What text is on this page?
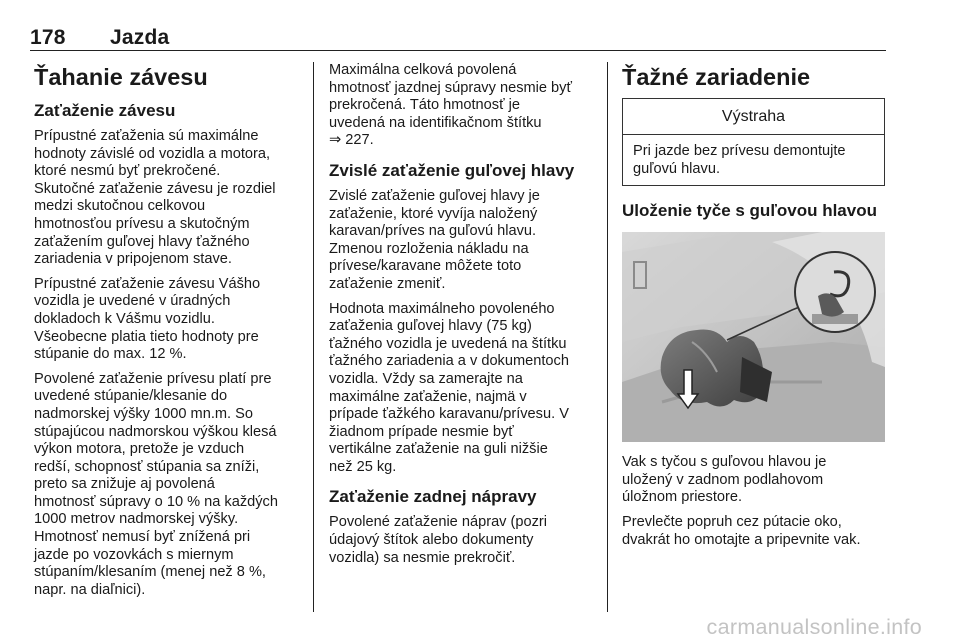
178 Jazda
Ťahanie závesu
Zaťaženie závesu

Prípustné zaťaženia sú maximálne
hodnoty závislé od vozidla a motora,
ktoré nesmú byť prekročené.
Skutočné zaťaženie závesu je rozdiel
medzi skutočnou celkovou
hmotnosťou prívesu a skutočným
zaťažením guľovej hlavy ťažného
zariadenia v pripojenom stave.

Prípustné zaťaženie závesu Vášho
vozidla je uvedené v úradných
dokladoch k Vášmu vozidlu.
Všeobecne platia tieto hodnoty pre
stúpanie do max. 12 %.

Povolené zaťaženie prívesu platí pre
uvedené stúpanie/klesanie do
nadmorskej výšky 1000 mn.m. So
stúpajúcou nadmorskou výškou klesá
výkon motora, pretože je vzduch
redší, schopnosť stúpania sa zníži,
preto sa znižuje aj povolená
hmotnosť súpravy o 10 % na každých
1000 metrov nadmorskej výšky.
Hmotnosť nemusí byť znížená pri
jazde po vozovkách s miernym
stúpaním/klesaním (menej než 8 %,
napr. na diaľnici).

Maximálna celková povolená
hmotnosť jazdnej súpravy nesmie byť
prekročená. Táto hmotnosť je
uvedená na identifikačnom štítku
⇒ 227.

Zvislé zaťaženie guľovej hlavy

Zvislé zaťaženie guľovej hlavy je
zaťaženie, ktoré vyvíja naložený
karavan/príves na guľovú hlavu.
Zmenou rozloženia nákladu na
prívese/karavane môžete toto
zaťaženie zmeniť.

Hodnota maximálneho povoleného
zaťaženia guľovej hlavy (75 kg)
ťažného vozidla je uvedená na štítku
ťažného zariadenia a v dokumentoch
vozidla. Vždy sa zamerajte na
maximálne zaťaženie, najmä v
prípade ťažkého karavanu/prívesu. V
žiadnom prípade nesmie byť
vertikálne zaťaženie na guli nižšie
než 25 kg.

Zaťaženie zadnej nápravy

Povolené zaťaženie náprav (pozri
údajový štítok alebo dokumenty
vozidla) sa nesmie prekročiť.

Ťažné zariadenie
Výstraha

Pri jazde bez prívesu demontujte
guľovú hlavu.

Uloženie tyče s guľovou hlavou

Vak s tyčou s guľovou hlavou je
uložený v zadnom podlahovom
úložnom priestore.

Prevlečte popruh cez pútacie oko,
dvakrát ho omotajte a pripevnite vak.

carmanualsonline.info
